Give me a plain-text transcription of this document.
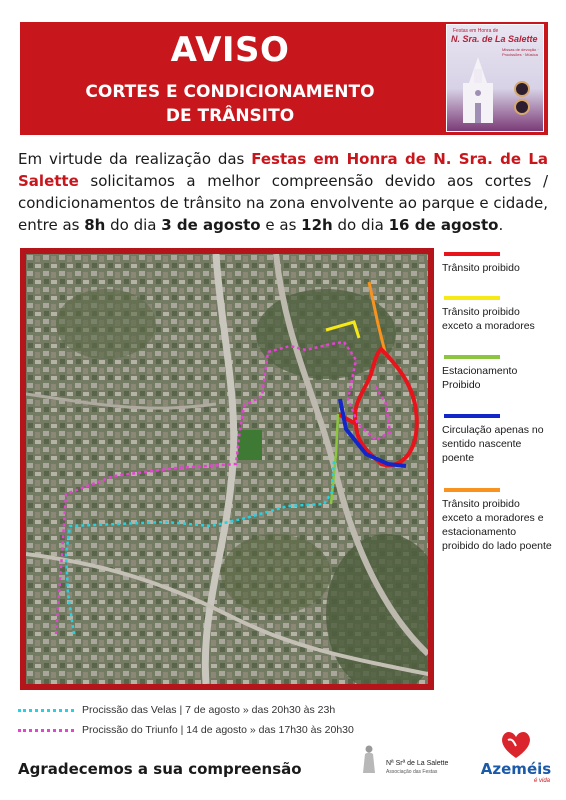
AVISO
CORTES E CONDICIONAMENTO
DE TRÂNSITO
Festas em Honra de
N. Sra. de La Salette
Missas de devoção · Procissões · Música
Em virtude da realização das Festas em Honra de N. Sra. de La Salette solicitamos a melhor compreensão devido aos cortes / condicionamentos de trânsito na zona envolvente ao parque e cidade, entre as 8h do dia 3 de agosto e as 12h do dia 16 de agosto.
Trânsito proibido
Trânsito proibido exceto a moradores
Estacionamento Proibido
Circulação apenas no sentido nascente poente
Trânsito proibido exceto a moradores e estacionamento proibido do lado poente
Procissão das Velas | 7 de agosto » das 20h30 às 23h
Procissão do Triunfo | 14 de agosto » das 17h30 às 20h30
Agradecemos a sua compreensão	Nª Srª de La Salette
Associação das Festas	Azeméis
é vida
